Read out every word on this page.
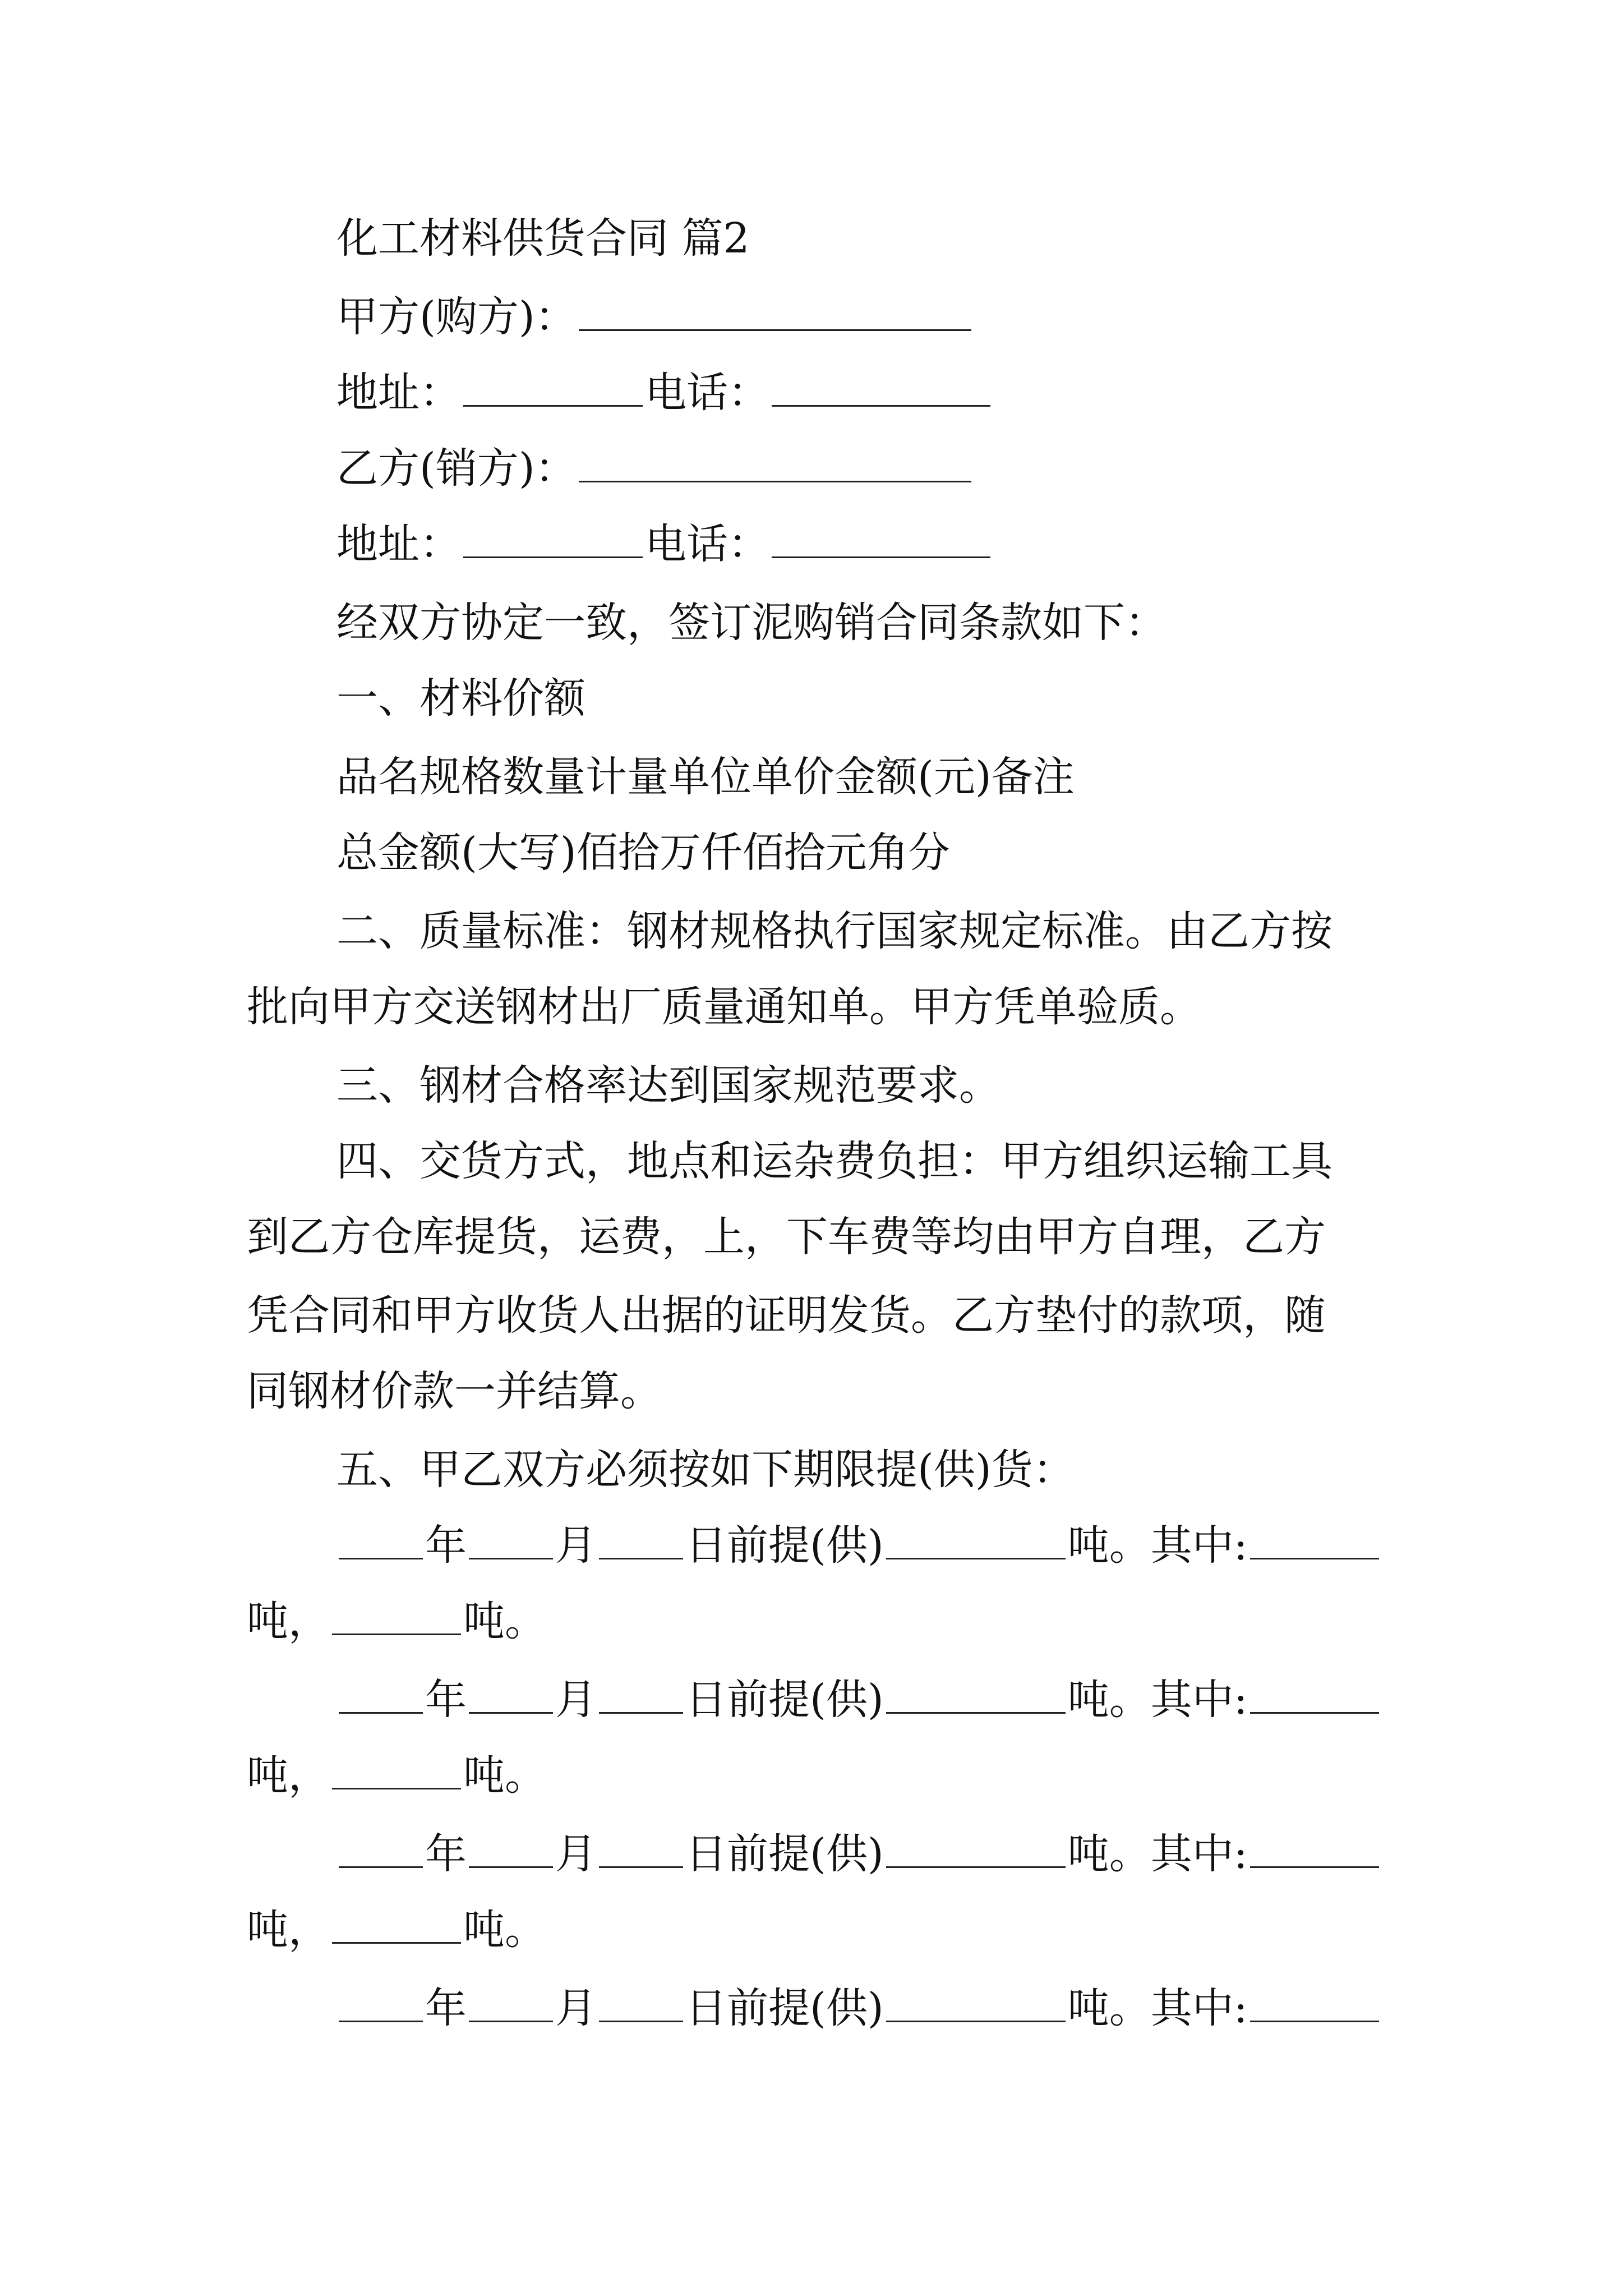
化工材料供货合同 篇2
甲方(购方)：
地址：	电话：
乙方(销方)：
地址：	电话：
经双方协定一致，签订泥购销合同条款如下：
一、材料价额
品名规格数量计量单位单价金额(元)备注
总金额(大写)佰拾万仟佰拾元角分
二、质量标准：钢材规格执行国家规定标准。由乙方按
批向甲方交送钢材出厂质量通知单。甲方凭单验质。
三、钢材合格率达到国家规范要求。
四、交货方式，地点和运杂费负担：甲方组织运输工具
到乙方仓库提货，运费，上，下车费等均由甲方自理，乙方
凭合同和甲方收货人出据的证明发货。乙方垫付的款项，随
同钢材价款一并结算。
五、甲乙双方必须按如下期限提(供)货：
年 月 日前提(供)	吨。其中:
吨，	吨。
年 月 日前提(供)	吨。其中:
吨，	吨。
年 月 日前提(供)	吨。其中:
吨，	吨。
年 月 日前提(供)	吨。其中:
